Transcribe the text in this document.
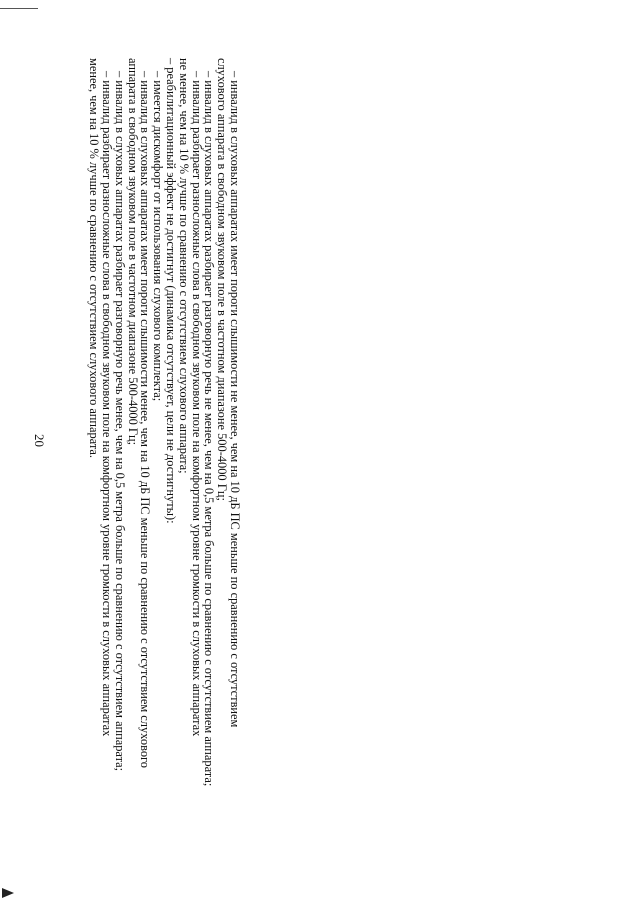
20	– инвалид в слуховых аппаратах имеет пороги слышимости не менее, чем на 10 дБ ПС меньше по сравнению с отсутствием
слухового аппарата в свободном звуковом поле в частотном диапазоне 500-4000 Гц;
– инвалид в слуховых аппаратах разбирает разговорную речь не менее, чем на 0,5 метра больше по сравнению с отсутствием аппарата;
– инвалид разбирает разносложные слова в свободном звуковом поле на комфортном уровне громкости в слуховых аппаратах
не менее, чем на 10 % лучше по сравнению с отсутствием слухового аппарата;
– реабилитационный эффект не достигнут (динамика отсутствует, цели не достигнуты):
– имеется дискомфорт от использования слухового комплекта;
– инвалид в слуховых аппаратах имеет пороги слышимости менее, чем на 10 дБ ПС меньше по сравнению с отсутствием слухового
аппарата в свободном звуковом поле в частотном диапазоне 500-4000 Гц;
– инвалид в слуховых аппаратах разбирает разговорную речь менее, чем на 0,5 метра больше по сравнению с отсутствием аппарата;
– инвалид разбирает разносложные слова в свободном звуковом поле на комфортном уровне громкости в слуховых аппаратах
менее, чем на 10 % лучше по сравнению с отсутствием слухового аппарата.
